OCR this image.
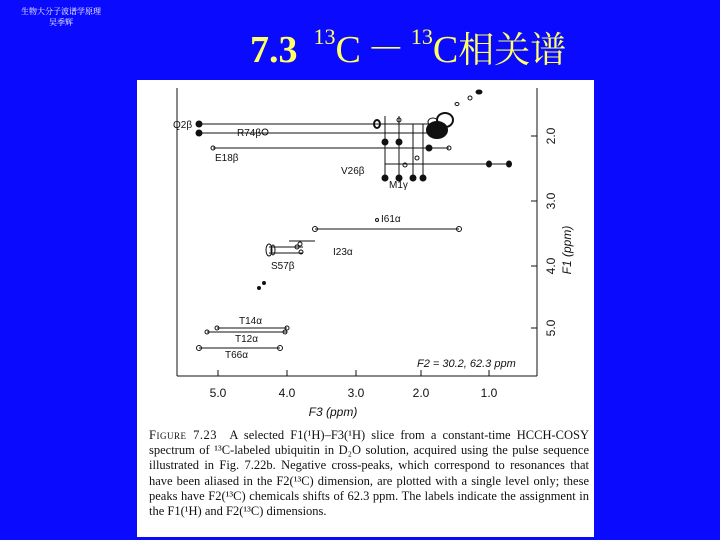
生物大分子波谱学原理
吴季辉
7.3 $^{13}$C － $^{13}$C相关谱
5.0	4.0	3.0	2.0	1.0
F3 (ppm)
2.0
3.0
4.0
5.0
F1 (ppm)
Q2β
R74β
E18β
V26β
M1γ
I61α
I23α
S57β
T14α
T12α
T66α
F2 = 30.2, 62.3 ppm
Figure 7.23 A selected F1(¹H)–F3(¹H) slice from a constant-time HCCH-COSY spectrum of ¹³C-labeled ubiquitin in D₂O solution, acquired using the pulse sequence illustrated in Fig. 7.22b. Negative cross-peaks, which correspond to resonances that have been aliased in the F2(¹³C) dimension, are plotted with a single level only; these peaks have F2(¹³C) chemicals shifts of 62.3 ppm. The labels indicate the assignment in the F1(¹H) and F2(¹³C) dimensions.
